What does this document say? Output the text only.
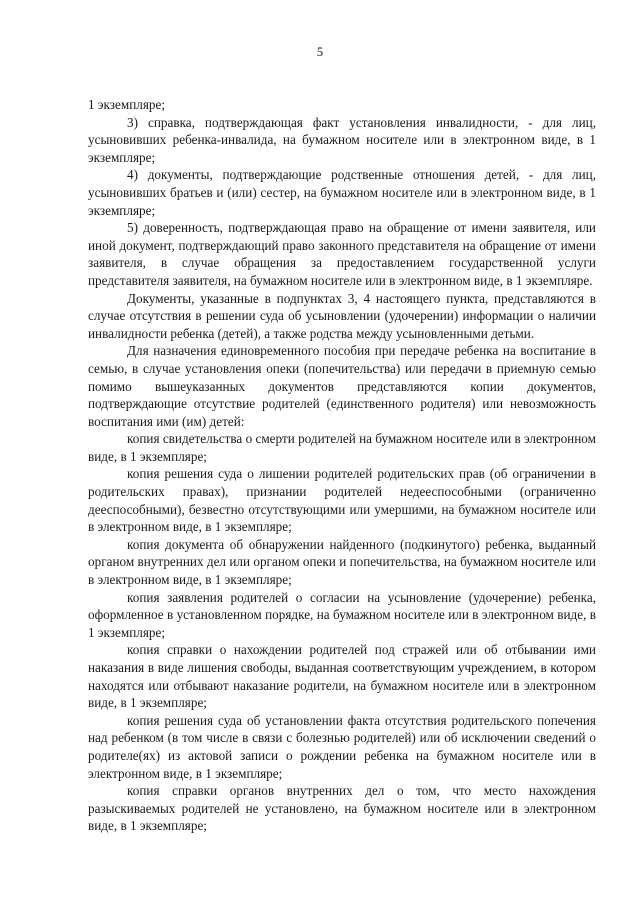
5

1 экземпляре;

3) справка, подтверждающая факт установления инвалидности, - для лиц, усыновивших ребенка-инвалида, на бумажном носителе или в электронном виде, в 1 экземпляре;

4) документы, подтверждающие родственные отношения детей, - для лиц, усыновивших братьев и (или) сестер, на бумажном носителе или в электронном виде, в 1 экземпляре;

5) доверенность, подтверждающая право на обращение от имени заявителя, или иной документ, подтверждающий право законного представителя на обращение от имени заявителя, в случае обращения за предоставлением государственной услуги представителя заявителя, на бумажном носителе или в электронном виде, в 1 экземпляре.

Документы, указанные в подпунктах 3, 4 настоящего пункта, представляются в случае отсутствия в решении суда об усыновлении (удочерении) информации о наличии инвалидности ребенка (детей), а также родства между усыновленными детьми.

Для назначения единовременного пособия при передаче ребенка на воспитание в семью, в случае установления опеки (попечительства) или передачи в приемную семью помимо вышеуказанных документов представляются копии документов, подтверждающие отсутствие родителей (единственного родителя) или невозможность воспитания ими (им) детей:

копия свидетельства о смерти родителей на бумажном носителе или в электронном виде, в 1 экземпляре;

копия решения суда о лишении родителей родительских прав (об ограничении в родительских правах), признании родителей недееспособными (ограниченно дееспособными), безвестно отсутствующими или умершими, на бумажном носителе или в электронном виде, в 1 экземпляре;

копия документа об обнаружении найденного (подкинутого) ребенка, выданный органом внутренних дел или органом опеки и попечительства, на бумажном носителе или в электронном виде, в 1 экземпляре;

копия заявления родителей о согласии на усыновление (удочерение) ребенка, оформленное в установленном порядке, на бумажном носителе или в электронном виде, в 1 экземпляре;

копия справки о нахождении родителей под стражей или об отбывании ими наказания в виде лишения свободы, выданная соответствующим учреждением, в котором находятся или отбывают наказание родители, на бумажном носителе или в электронном виде, в 1 экземпляре;

копия решения суда об установлении факта отсутствия родительского попечения над ребенком (в том числе в связи с болезнью родителей) или об исключении сведений о родителе(ях) из актовой записи о рождении ребенка на бумажном носителе или в электронном виде, в 1 экземпляре;

копия справки органов внутренних дел о том, что место нахождения разыскиваемых родителей не установлено, на бумажном носителе или в электронном виде, в 1 экземпляре;
